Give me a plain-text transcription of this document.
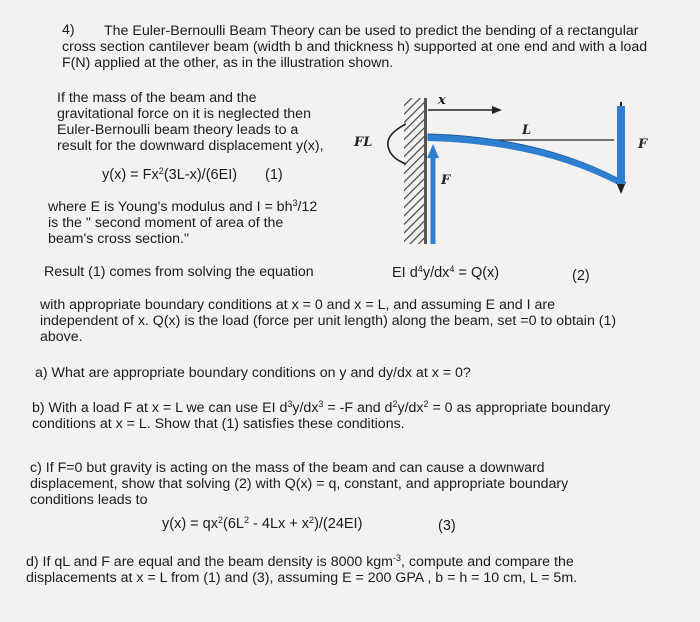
4) The Euler-Bernoulli Beam Theory can be used to predict the bending of a rectangular
cross section cantilever beam (width b and thickness h) supported at one end and with a load
F(N) applied at the other, as in the illustration shown.
If the mass of the beam and the
gravitational force on it is neglected then
Euler-Bernoulli beam theory leads to a
result for the downward displacement y(x),
$y(x) = Fx^2(3L-x)/(6EI)$ (1)
where E is Young's modulus and $I = bh^3/12$
is the " second moment of area of the
beam's cross section."
FL
x
L
F
F
Result (1) comes from solving the equation	EI $d^4y/dx^4 = Q(x)$	(2)
with appropriate boundary conditions at x = 0 and x = L, and assuming E and I are
independent of x. Q(x) is the load (force per unit length) along the beam, set =0 to obtain (1)
above.
a) What are appropriate boundary conditions on y and dy/dx at x = 0?
b) With a load F at x = L we can use EI $d^3y/dx^3 = -F$ and $d^2y/dx^2 = 0$ as appropriate boundary
conditions at x = L. Show that (1) satisfies these conditions.
c) If F=0 but gravity is acting on the mass of the beam and can cause a downward
displacement, show that solving (2) with Q(x) = q, constant, and appropriate boundary
conditions leads to
$y(x) = qx^2(6L^2 - 4Lx + x^2)/(24EI)$	(3)
d) If qL and F are equal and the beam density is 8000 kgm$^{-3}$, compute and compare the
displacements at x = L from (1) and (3), assuming E = 200 GPA , b = h = 10 cm, L = 5m.
